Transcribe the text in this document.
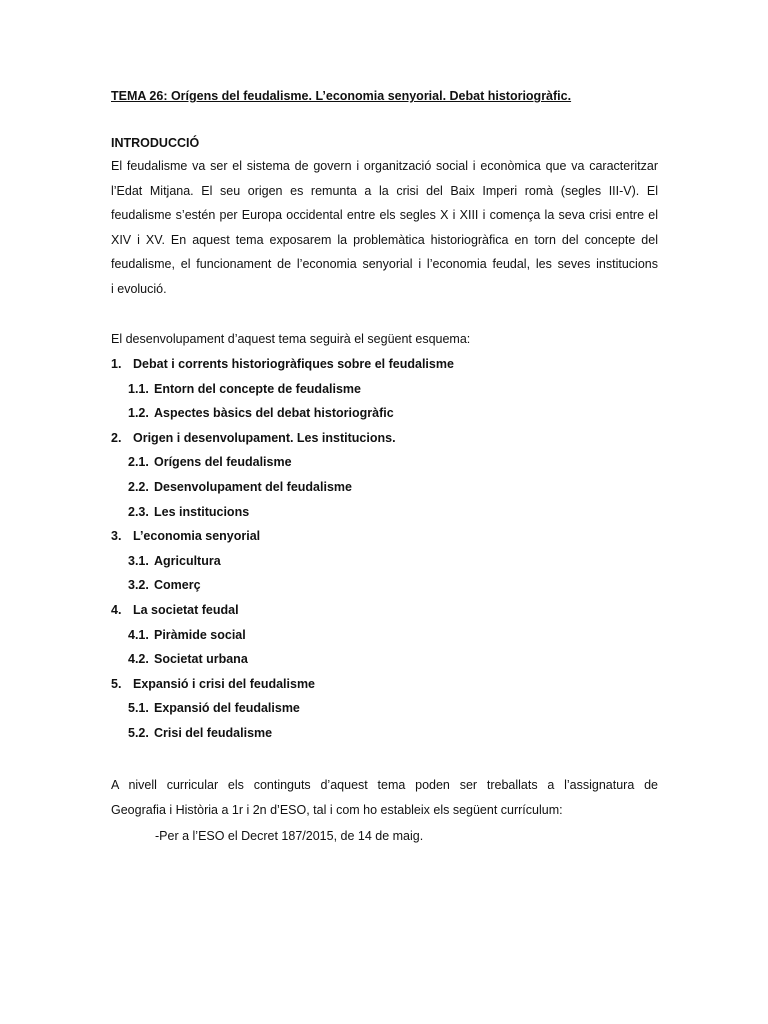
TEMA 26: Orígens del feudalisme. L’economia senyorial. Debat historiogràfic.
INTRODUCCIÓ
El feudalisme va ser el sistema de govern i organització social i econòmica que va caracteritzar
l’Edat Mitjana. El seu origen es remunta a la crisi del Baix Imperi romà (segles III-V). El
feudalisme s’estén per Europa occidental entre els segles X i XIII i comença la seva crisi entre el
XIV i XV. En aquest tema exposarem la problemàtica historiogràfica en torn del concepte del
feudalisme, el funcionament de l’economia senyorial i l’economia feudal, les seves institucions
i evolució.
El desenvolupament d’aquest tema seguirà el següent esquema:
1. Debat i corrents historiogràfiques sobre el feudalisme
1.1. Entorn del concepte de feudalisme
1.2. Aspectes bàsics del debat historiogràfic
2. Origen i desenvolupament. Les institucions.
2.1. Orígens del feudalisme
2.2. Desenvolupament del feudalisme
2.3. Les institucions
3. L’economia senyorial
3.1. Agricultura
3.2. Comerç
4. La societat feudal
4.1. Piràmide social
4.2. Societat urbana
5. Expansió i crisi del feudalisme
5.1. Expansió del feudalisme
5.2. Crisi del feudalisme
A nivell curricular els continguts d’aquest tema poden ser treballats a l’assignatura de
Geografia i Història a 1r i 2n d’ESO, tal i com ho estableix els següent currículum:
-Per a l’ESO el Decret 187/2015, de 14 de maig.
